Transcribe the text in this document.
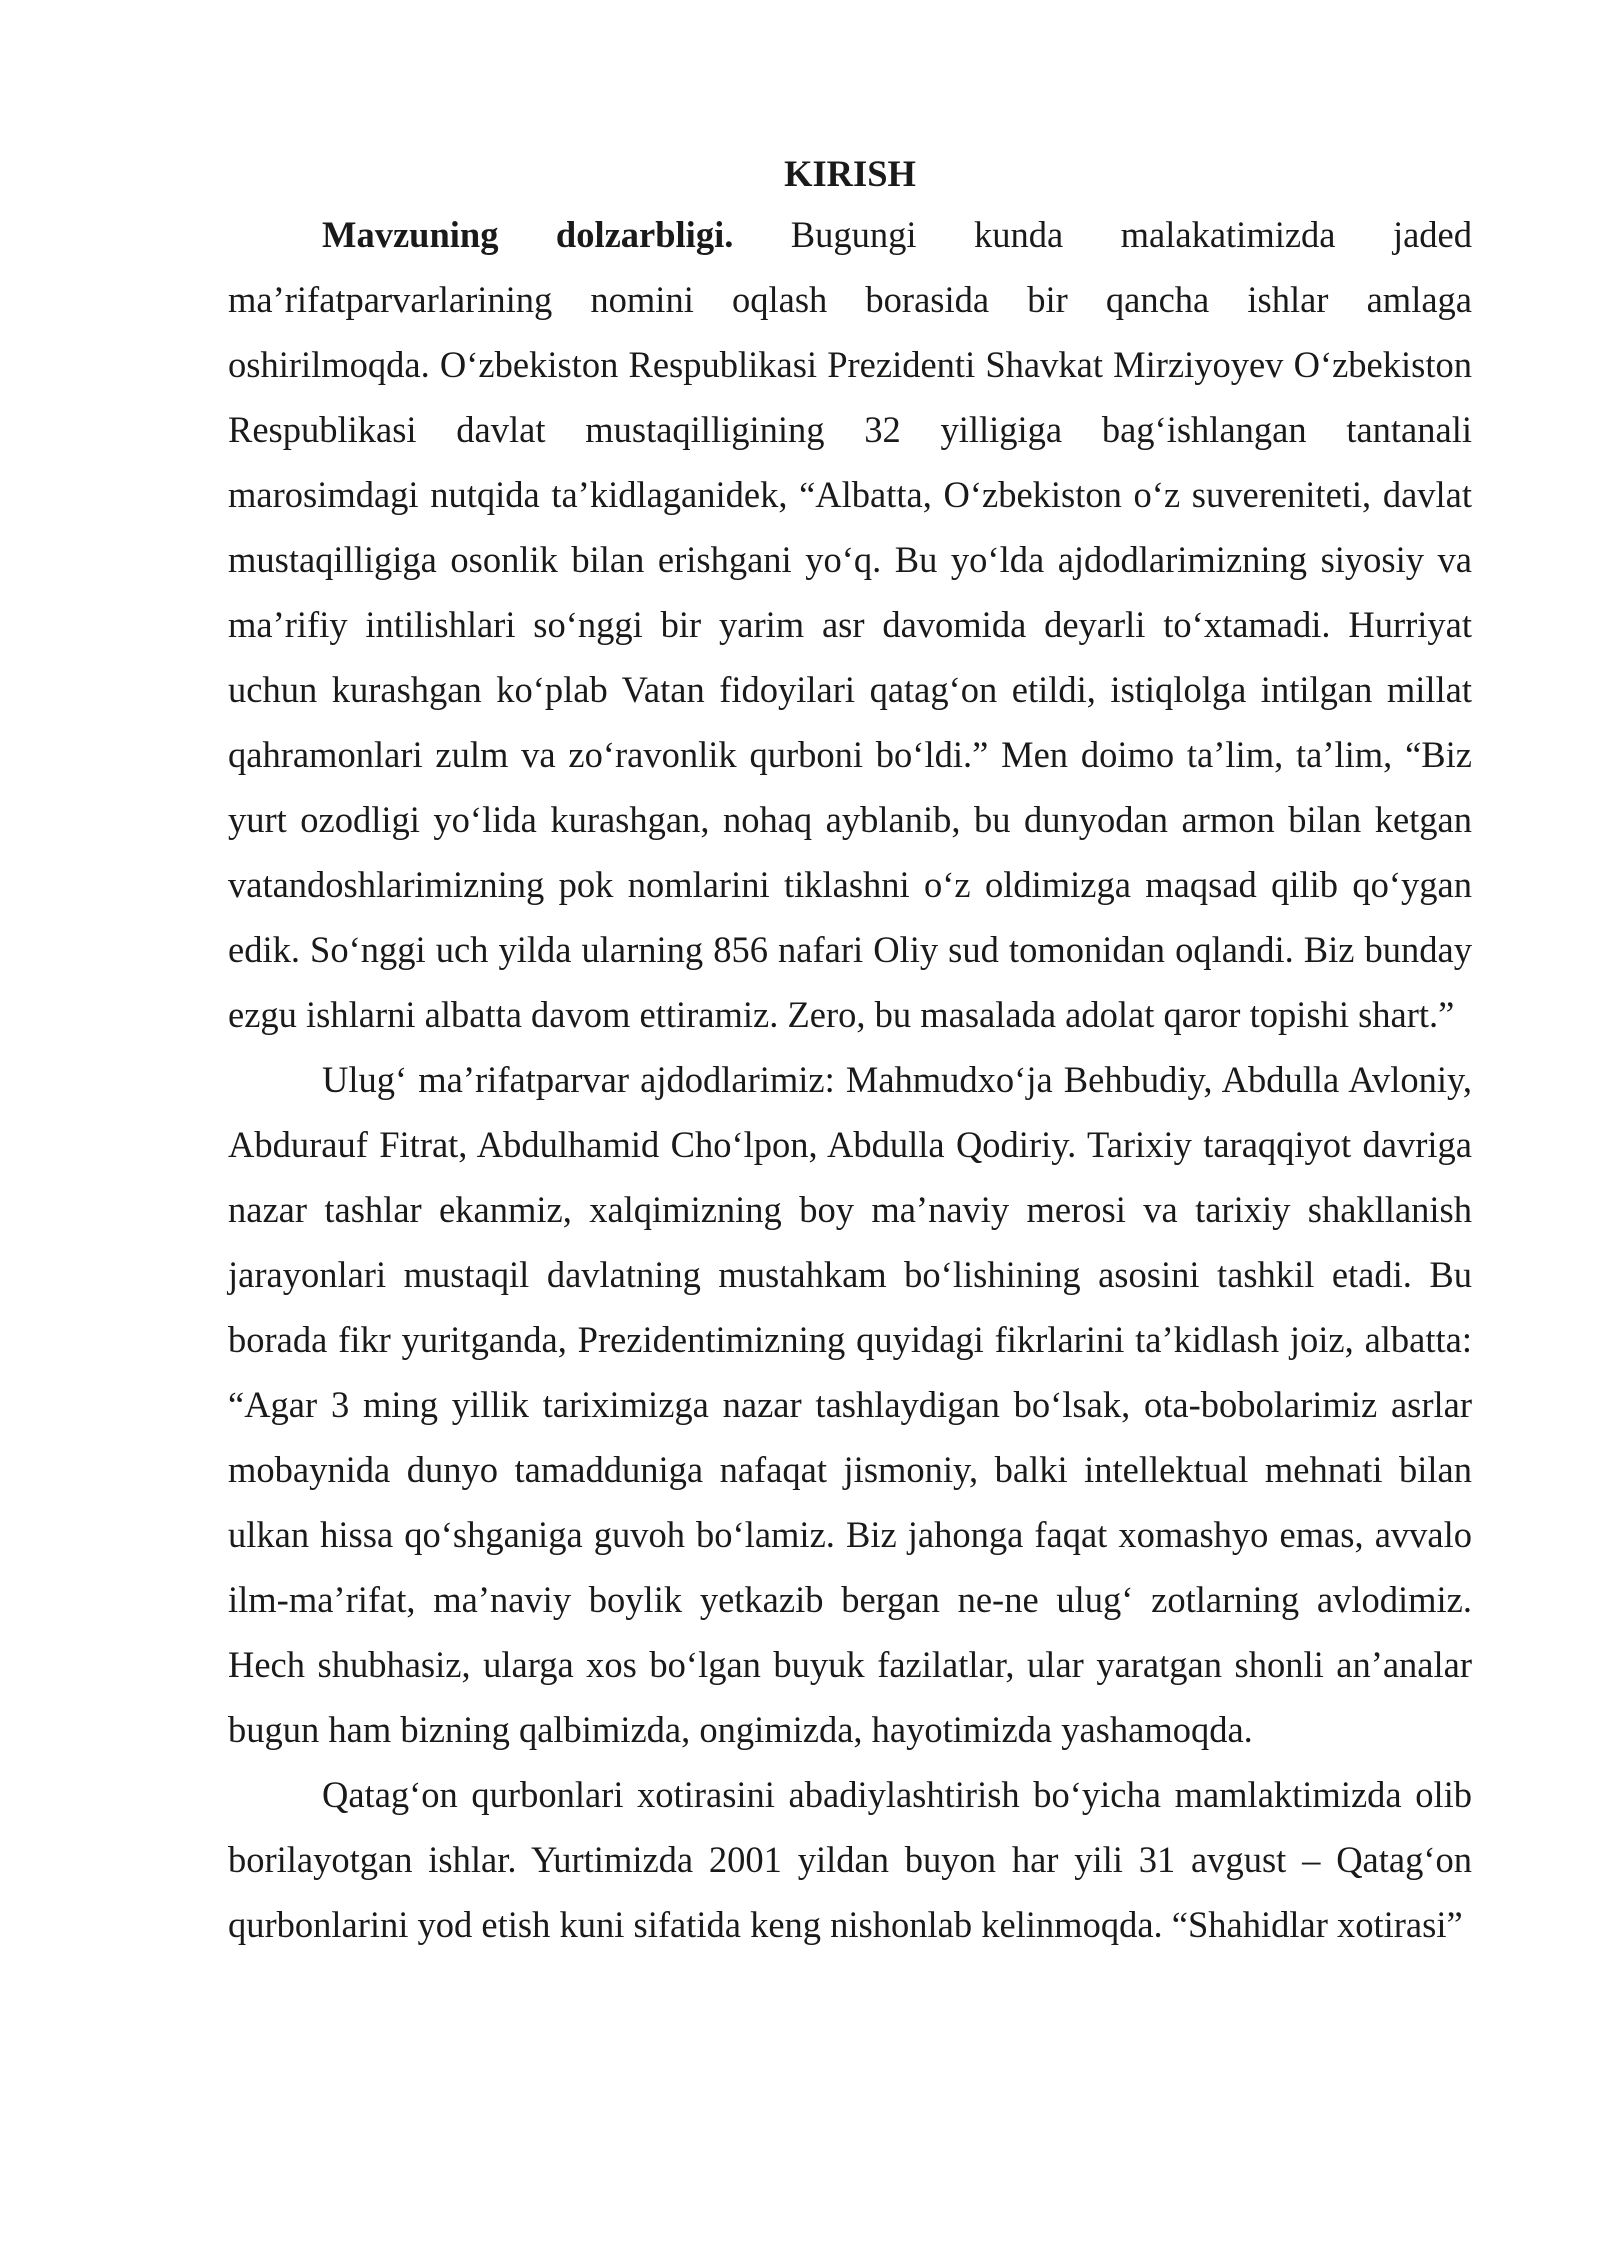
KIRISH

Mavzuning dolzarbligi. Bugungi kunda malakatimizda jaded ma’rifatparvarlarining nomini oqlash borasida bir qancha ishlar amlaga oshirilmoqda. O‘zbekiston Respublikasi Prezidenti Shavkat Mirziyoyev O‘zbekiston Respublikasi davlat mustaqilligining 32 yilligiga bag‘ishlangan tantanali marosimdagi nutqida ta’kidlaganidek, “Albatta, O‘zbekiston o‘z suvereniteti, davlat mustaqilligiga osonlik bilan erishgani yo‘q. Bu yo‘lda ajdodlarimizning siyosiy va ma’rifiy intilishlari so‘nggi bir yarim asr davomida deyarli to‘xtamadi. Hurriyat uchun kurashgan ko‘plab Vatan fidoyilari qatag‘on etildi, istiqlolga intilgan millat qahramonlari zulm va zo‘ravonlik qurboni bo‘ldi.” Men doimo ta’lim, ta’lim, “Biz yurt ozodligi yo‘lida kurashgan, nohaq ayblanib, bu dunyodan armon bilan ketgan vatandoshlarimizning pok nomlarini tiklashni o‘z oldimizga maqsad qilib qo‘ygan edik. So‘nggi uch yilda ularning 856 nafari Oliy sud tomonidan oqlandi. Biz bunday ezgu ishlarni albatta davom ettiramiz. Zero, bu masalada adolat qaror topishi shart.”

Ulug‘ ma’rifatparvar ajdodlarimiz: Mahmudxo‘ja Behbudiy, Abdulla Avloniy, Abdurauf Fitrat, Abdulhamid Cho‘lpon, Abdulla Qodiriy. Tarixiy taraqqiyot davriga nazar tashlar ekanmiz, xalqimizning boy ma’naviy merosi va tarixiy shakllanish jarayonlari mustaqil davlatning mustahkam bo‘lishining asosini tashkil etadi. Bu borada fikr yuritganda, Prezidentimizning quyidagi fikrlarini ta’kidlash joiz, albatta: “Agar 3 ming yillik tariximizga nazar tashlaydigan bo‘lsak, ota-bobolarimiz asrlar mobaynida dunyo tamadduniga nafaqat jismoniy, balki intellektual mehnati bilan ulkan hissa qo‘shganiga guvoh bo‘lamiz. Biz jahonga faqat xomashyo emas, avvalo ilm-ma’rifat, ma’naviy boylik yetkazib bergan ne-ne ulug‘ zotlarning avlodimiz. Hech shubhasiz, ularga xos bo‘lgan buyuk fazilatlar, ular yaratgan shonli an’analar bugun ham bizning qalbimizda, ongimizda, hayotimizda yashamoqda.

Qatag‘on qurbonlari xotirasini abadiylashtirish bo‘yicha mamlaktimizda olib borilayotgan ishlar. Yurtimizda 2001 yildan buyon har yili 31 avgust – Qatag‘on qurbonlarini yod etish kuni sifatida keng nishonlab kelinmoqda. “Shahidlar xotirasi”
